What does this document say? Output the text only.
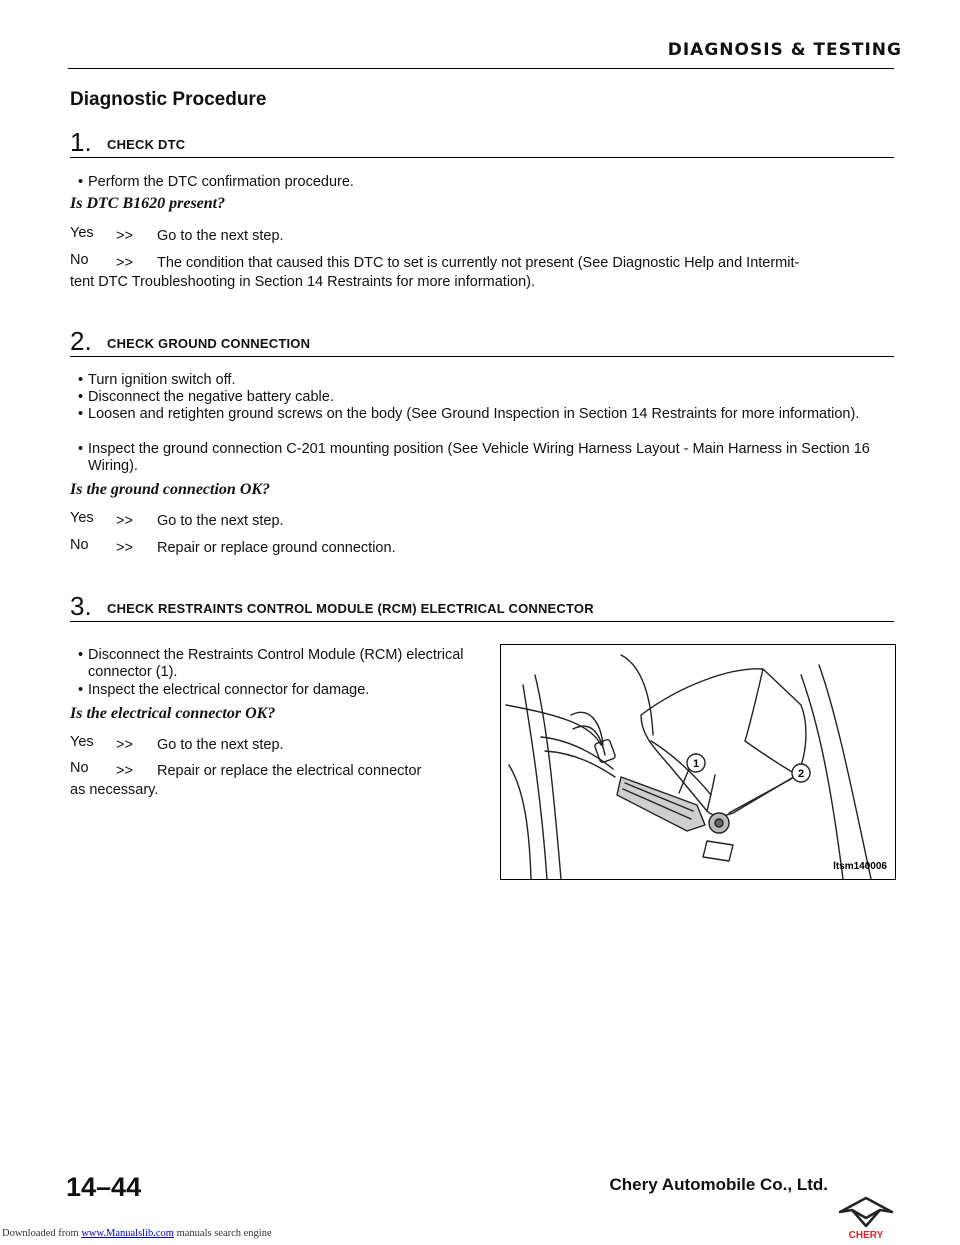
DIAGNOSIS & TESTING
Diagnostic Procedure
1. CHECK DTC
• Perform the DTC confirmation procedure.
Is DTC B1620 present?
Yes >> Go to the next step.
No >> The condition that caused this DTC to set is currently not present (See Diagnostic Help and Intermit-
tent DTC Troubleshooting in Section 14 Restraints for more information).
2. CHECK GROUND CONNECTION
• Turn ignition switch off.
• Disconnect the negative battery cable.
• Loosen and retighten ground screws on the body (See Ground Inspection in Section 14 Restraints for more information).
• Inspect the ground connection C-201 mounting position (See Vehicle Wiring Harness Layout - Main Harness in Section 16 Wiring).
Is the ground connection OK?
Yes >> Go to the next step.
No >> Repair or replace ground connection.
3. CHECK RESTRAINTS CONTROL MODULE (RCM) ELECTRICAL CONNECTOR
• Disconnect the Restraints Control Module (RCM) electrical connector (1).
• Inspect the electrical connector for damage.
Is the electrical connector OK?
Yes >> Go to the next step.
No >> Repair or replace the electrical connector
as necessary.
1
2
ltsm140006
14–44	Chery Automobile Co., Ltd.
CHERY
Downloaded from www.Manualslib.com manuals search engine
